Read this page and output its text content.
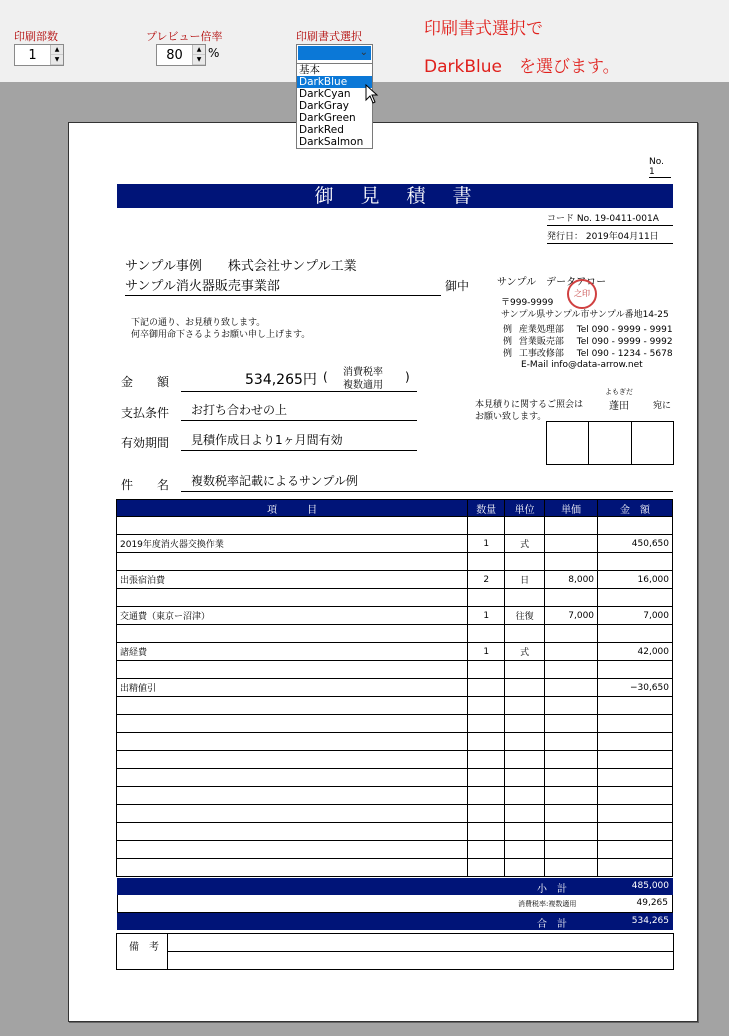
印刷部数
1	▲
▼
プレビュー倍率
80	▲
▼ %
印刷書式選択
⌄
印刷書式選択で
DarkBlue　を選びます。
No. 1
御　見　積　書
コード No. 19-0411-001A
発行日： 2019年04月11日
サンプル事例　　株式会社サンプル工業
サンプル消火器販売事業部	御中
下記の通り、お見積り致します。
何卒御用命下さるようお願い申し上げます。
金　　額	534,265円 ( 消費税率
複数適用
)
支払条件	お打ち合わせの上
有効期間	見積作成日より1ヶ月間有効
件　　名	複数税率記載によるサンプル例
サンプル　データアロー
之印
〒999-9999
サンプル県サンプル市サンプル番地14-25
例 産業処理部 Tel 090 - 9999 - 9991
例 営業販売部 Tel 090 - 9999 - 9992
例 工事改修部 Tel 090 - 1234 - 5678
E-Mail info@data-arrow.net
よもぎだ
本見積りに関するご照会は
お願い致します。
蓬田	宛に
項　　　目	数量	単位	単価	金　額

2019年度消火器交換作業	1	式		450,650

出張宿泊費	2	日	8,000	16,000

交通費（東京ー沼津）	1	往復	7,000	7,000

諸経費	1	式		42,000

出精値引				−30,650

小　計	485,000
消費税率:複数適用	49,265
合　計	534,265
備　考
基本
DarkBlue
DarkCyan
DarkGray
DarkGreen
DarkRed
DarkSalmon
